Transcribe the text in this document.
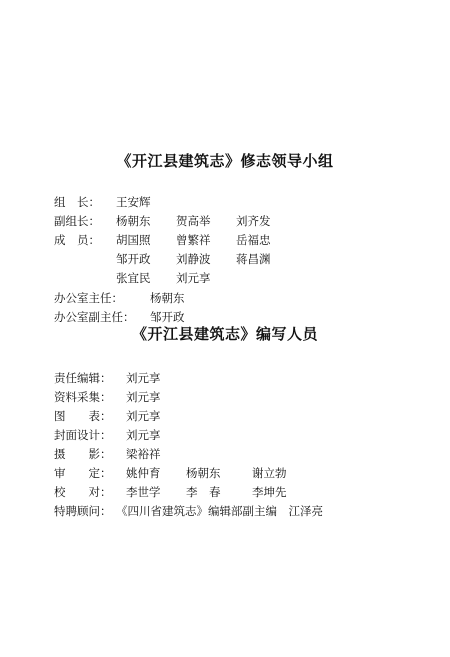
《开江县建筑志》修志领导小组
组　长： 王安辉
副组长： 杨朝东 贺高举 刘齐发
成　员： 胡国照 曾繁祥 岳福忠
邹开政 刘静波 蒋昌渊
张宜民 刘元享
办公室主任： 杨朝东
办公室副主任： 邹开政
《开江县建筑志》编写人员
责任编辑： 刘元享
资料采集： 刘元享
图　　表： 刘元享
封面设计： 刘元享
摄　　影： 梁裕祥
审　　定： 姚仲育 杨朝东	谢立勃
校　　对： 李世学 李　春	李坤先
特聘顾问： 《四川省建筑志》编辑部副主编　江泽亮
